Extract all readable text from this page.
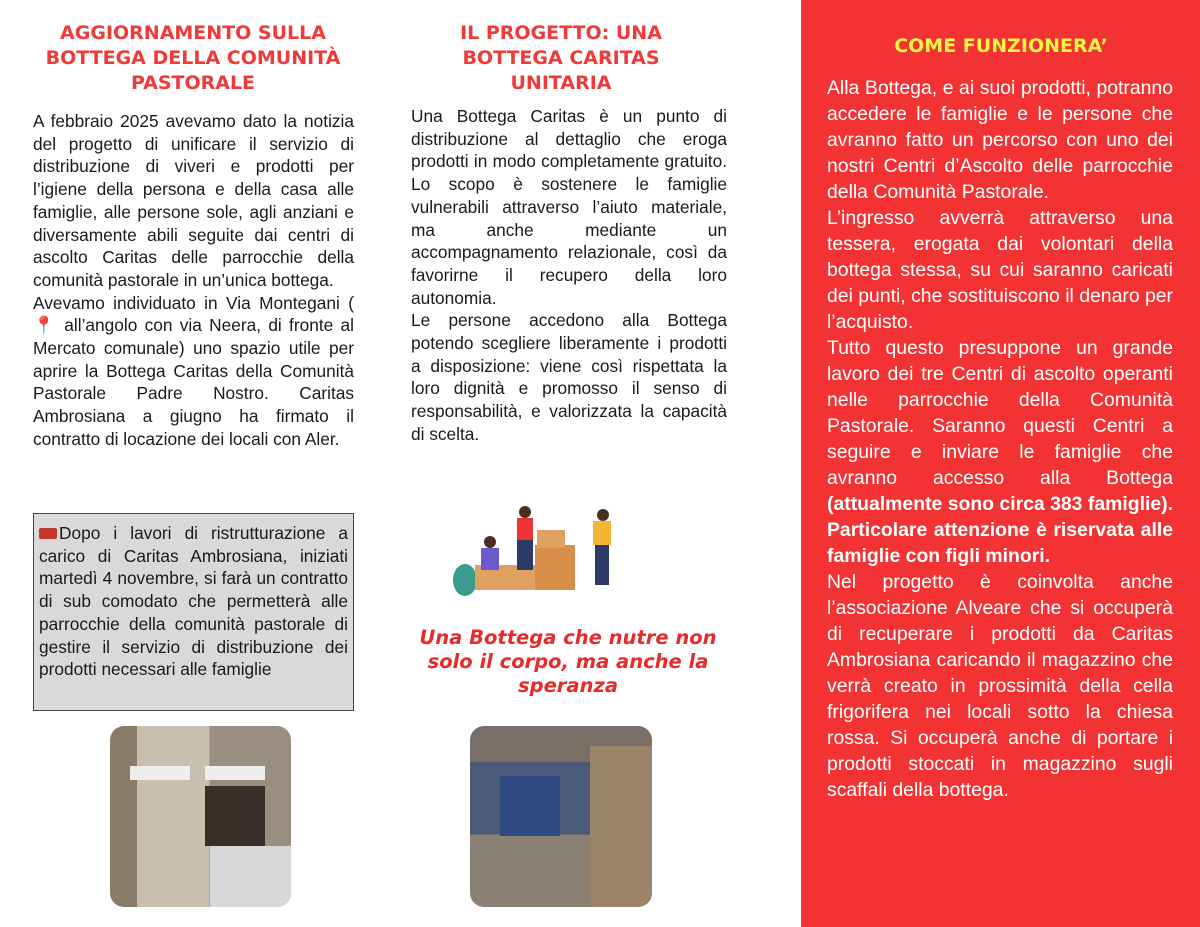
AGGIORNAMENTO SULLA BOTTEGA DELLA COMUNITÀ PASTORALE

A febbraio 2025 avevamo dato la notizia del progetto di unificare il servizio di distribuzione di viveri e prodotti per l’igiene della persona e della casa alle famiglie, alle persone sole, agli anziani e diversamente abili seguite dai centri di ascolto Caritas delle parrocchie della comunità pastorale in un’unica bottega.

Avevamo individuato in Via Montegani ( 📍 all’angolo con via Neera, di fronte al Mercato comunale) uno spazio utile per aprire la Bottega Caritas della Comunità Pastorale Padre Nostro. Caritas Ambrosiana a giugno ha firmato il contratto di locazione dei locali con Aler.

Dopo i lavori di ristrutturazione a carico di Caritas Ambrosiana, iniziati martedì 4 novembre, si farà un contratto di sub comodato che permetterà alle parrocchie della comunità pastorale di gestire il servizio di distribuzione dei prodotti necessari alle famiglie

IL PROGETTO: UNA BOTTEGA CARITAS UNITARIA

Una Bottega Caritas è un punto di distribuzione al dettaglio che eroga prodotti in modo completamente gratuito. Lo scopo è sostenere le famiglie vulnerabili attraverso l’aiuto materiale, ma anche mediante un accompagnamento relazionale, così da favorirne il recupero della loro autonomia.

Le persone accedono alla Bottega potendo scegliere liberamente i prodotti a disposizione: viene così rispettata la loro dignità e promosso il senso di responsabilità, e valorizzata la capacità di scelta.

Una Bottega che nutre non solo il corpo, ma anche la speranza
COME FUNZIONERA’

Alla Bottega, e ai suoi prodotti, potranno accedere le famiglie e le persone che avranno fatto un percorso con uno dei nostri Centri d’Ascolto delle parrocchie della Comunità Pastorale.

L’ingresso avverrà attraverso una tessera, erogata dai volontari della bottega stessa, su cui saranno caricati dei punti, che sostituiscono il denaro per l’acquisto.

Tutto questo presuppone un grande lavoro dei tre Centri di ascolto operanti nelle parrocchie della Comunità Pastorale. Saranno questi Centri a seguire e inviare le famiglie che avranno accesso alla Bottega (attualmente sono circa 383 famiglie). Particolare attenzione è riservata alle famiglie con figli minori.

Nel progetto è coinvolta anche l’associazione Alveare che si occuperà di recuperare i prodotti da Caritas Ambrosiana caricando il magazzino che verrà creato in prossimità della cella frigorifera nei locali sotto la chiesa rossa. Si occuperà anche di portare i prodotti stoccati in magazzino sugli scaffali della bottega.
